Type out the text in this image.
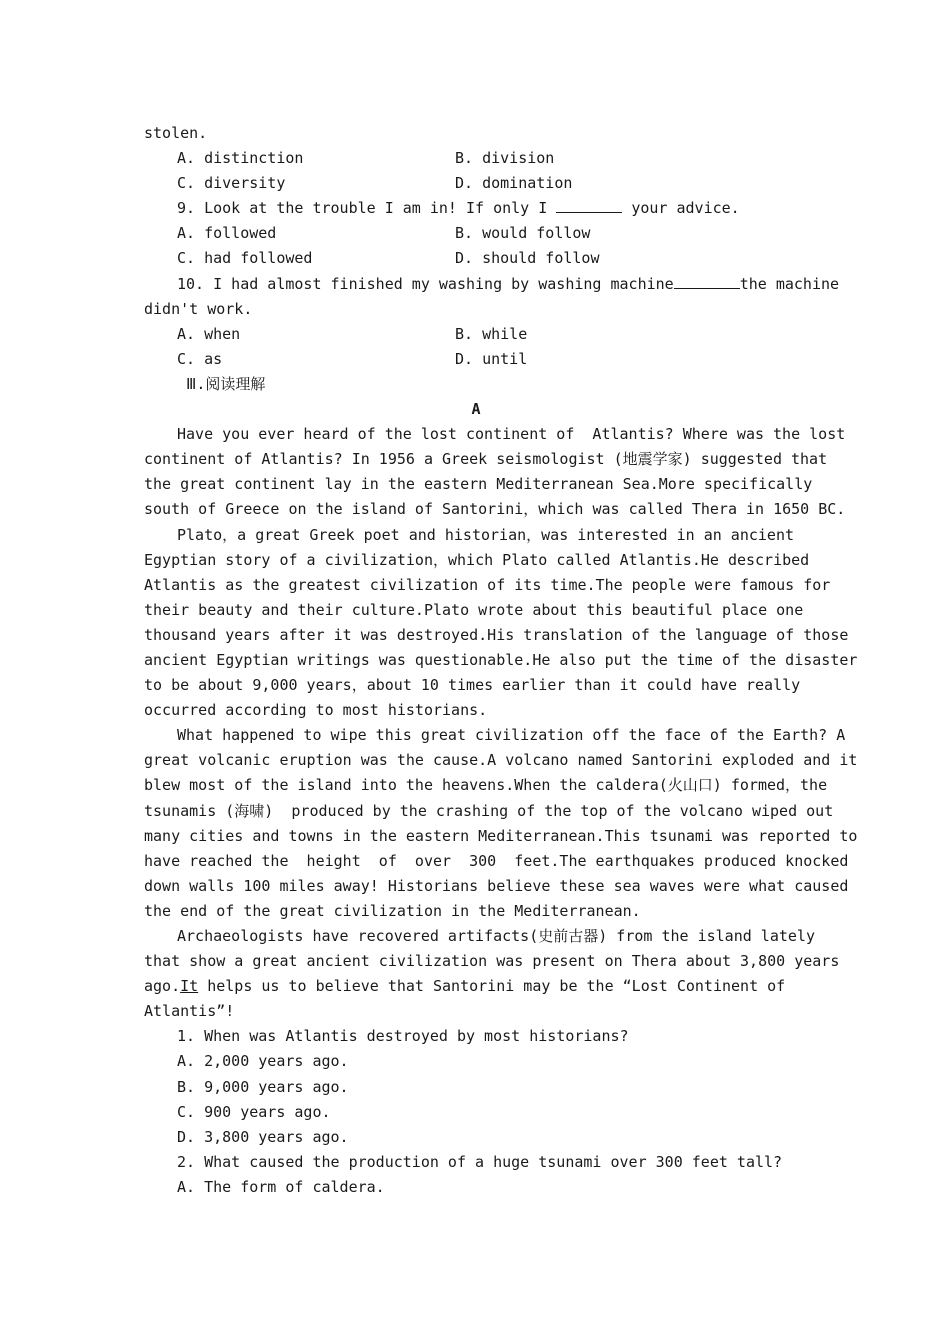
stolen.
A. distinction	B. division
C. diversity	D. domination
9. Look at the trouble I am in! If only I	your advice.
A. followed	B. would follow
C. had followed	D. should follow
10. I had almost finished my washing by washing machine	the machine
didn't work.
A. when	B. while
C. as	D. until
Ⅲ.阅读理解
A
Have you ever heard of the lost continent of  Atlantis? Where was the lost
continent of Atlantis? In 1956 a Greek seismologist (地震学家) suggested that
the great continent lay in the eastern Mediterranean Sea.More specifically
south of Greece on the island of Santorini，which was called Thera in 1650 BC.
Plato，a great Greek poet and historian，was interested in an ancient
Egyptian story of a civilization，which Plato called Atlantis.He described
Atlantis as the greatest civilization of its time.The people were famous for
their beauty and their culture.Plato wrote about this beautiful place one
thousand years after it was destroyed.His translation of the language of those
ancient Egyptian writings was questionable.He also put the time of the disaster
to be about 9,000 years，about 10 times earlier than it could have really
occurred according to most historians.
What happened to wipe this great civilization off the face of the Earth? A
great volcanic eruption was the cause.A volcano named Santorini exploded and it
blew most of the island into the heavens.When the caldera(火山口) formed，the
tsunamis (海啸)  produced by the crashing of the top of the volcano wiped out
many cities and towns in the eastern Mediterranean.This tsunami was reported to
have reached the  height  of  over  300  feet.The earthquakes produced knocked
down walls 100 miles away! Historians believe these sea waves were what caused
the end of the great civilization in the Mediterranean.
Archaeologists have recovered artifacts(史前古器) from the island lately
that show a great ancient civilization was present on Thera about 3,800 years
ago.It helps us to believe that Santorini may be the “Lost Continent of
Atlantis”!
1. When was Atlantis destroyed by most historians?
A. 2,000 years ago.
B. 9,000 years ago.
C. 900 years ago.
D. 3,800 years ago.
2. What caused the production of a huge tsunami over 300 feet tall?
A. The form of caldera.
